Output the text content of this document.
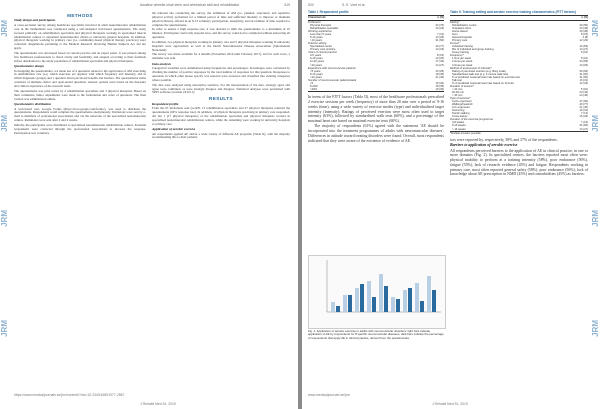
JRM
JRM
JRM
JRM
Amateur wheelie-chair steer and wheelchair skill and rehabilitation	519
METHODS
Study design and participants
A cross-sectional survey among healthcare specialists involved in adult neuromuscular rehabilitation care in the Netherlands was conducted using a self-designed web-based questionnaire. The study focused primarily on rehabilitation specialists and physical therapists working in specialised muscle rehabilitation centres or outpatient neuromuscular clinics or university general hospitals. In addition, physical therapists working in primary care (i.e. community-based physical therapy practices) were contacted. Regulations pertaining to the Medical Research Involving Human Subjects Act did not apply.
The questionnaire was developed based on current practice and an expert panel. It was piloted among five healthcare professionals to check clarity and feasibility, and adapted according to their feedback before distribution to the study population of rehabilitation specialists and physical therapists.
Questionnaire design
In designing the questionnaire, we made use of 4 questions related to the application of AM exercising in rehabilitation care (e.g. which exercises are applied, with which frequency and intensity, and in which diagnostic groups) and 1 question about perceived benefits and barriers. The questionnaire items consisted of multiple choice and open-ended questions. Answer options were based on the literature and clinical experience of the research team.
The questionnaire was pilot tested by 2 rehabilitation specialists and 3 physical therapists. Based on their comments, minor adjustments were made to the formulation and order of questions. The final version was administered online.
Questionnaire distribution
A web-based tool, Google Forms (https://docs.google.com/forms/), was used to distribute the questionnaire. Respondents could complete the questionnaire anonymously. Invitations were sent by e-mail to members of professional associations and via the networks of the specialised neuromuscular centres. Reminders were sent after 2 and 4 weeks.
Initially, the participants were distributed to specialised neuromuscular rehabilitation centres. Potential respondents were contacted through the professional associations to increase the response. Participation was voluntary.
the national site conducting the survey, the definition of AM (i.e. planned, structured, and repetitive physical activity performed for a limited period of time and sufficient intensity to improve or maintain physical fitness), offered in an 8-13 voluntary participation, anonymity, and an estimate of time required to complete the questionnaire.
In order to ensure a high response rate, it was decided to limit the questionnaire to a maximum of 10 minutes. Participants could only respond once, and the survey could not be completed without answering all questions.
In addition, two physical therapists working in primary care and 5 physical therapists working in university hospitals were approached, as well as the Dutch Neuromuscular Disease Association (Spierziekten Nederland).
The survey was made available for 4 months (November 2016 until February 2017), and for each wave, a reminder was sent.
Data analysis
Categorical variables were summarised using frequencies and percentages. Percentages were calculated by dividing the number of positive responses by the total number of responses for that question. Responses to questions in which other please specify was selected were reviewed and classified into existing categories where possible.
The data were analysed using descriptive statistics. For the interpretation of the data, strongly agree and agree were combined, as were strongly disagree and disagree. Statistical analyses were performed with SPSS software (version 24.0.0.1).
RESULTS
Respondent profile
From the 67 invitations sent (i.e.RN, 13 rehabilitation specialists and 27 physical therapists returned the questionnaire (60% response rate). In addition, 12 physical therapists practising in primary care responded. All but 1 (17 physical therapists) of the rehabilitation specialists and physical therapists worked in specialised neuromuscular rehabilitation centres, while the remaining were working in university hospitals or primary care.
Application of aerobic exercise
All respondents applied AE and/or a wide variety of different AE programs (Table II), with the majority recommending this to their patients.
https://www.medicaljournals.se/jrm/content/?doi=10.2340/16501977-2567
J Rehabil Med 51, 2019
JRM
JRM
JRM
JRM
520	S. E. Voet et al.
Table I. Respondent profile
Characteristic	n (%)
Profession
Physical therapist	34 (76)
Rehabilitation specialist	13 (24)
Working experience
Less than 5 years	7 (13)
5-10 years	14 (26)
>10 years	31 (60)
Practice setting
Specialised centre	40 (77)
Primary care practice	12 (23)
Years of clinical practice
0-5 years	8 (15)
6-10 years	13 (25)
11-20 years	17 (33)
>20 years	14 (27)
Experience with neuromuscular patients
<5 years	13 (25)
5-10 years	18 (35)
>10 years	21 (40)
Number of neuromuscular patients/week
<5	15 (29)
5-20%	18 (35)
>20%	19 (36)
In terms of the FITT factors (Table II), most of the healthcare professionals prescribed 2 exercise sessions per week (frequency) of more than 20 min over a period of 9-16 weeks (time), using a wide variety of exercise modes (type) and individualised target intensity (intensity). Ratings of perceived exertion were most often used to target intensity (63%), followed by standardised walk tests (60%), and a percentage of the maximal heart rate based on maximal exercise tests (60%).
The majority of respondents (61%) agreed with the statement 'AE should be incorporated into the treatment programmes of adults with neuromuscular diseases'. Differences in attitude toward treating disorders were found. Overall, most respondents indicated that they were aware of the existence of evidence of AE.
Fig. 1. Application of aerobic exercise in adults with neuromuscular disorders: light bars indicate application of AE by respondents for 8 specific neuromuscular diseases; dark bars indicate the percentage of respondents that apply AE in clinical practice, derived from the questionnaire.
Table II. Training setting and aerobic exercise training characteristics (FITT factors)
n (%)
Setting*
Rehabilitation centre	29 (56)
Outpatient clinic	24 (46)
Home-based	20 (38)
Gym	8 (15)
General hospital	4 (8)
Primary care	12 (23)
Format*
Individual training	43 (83)
Mix of individual and group training	14 (27)
Group training	5 (10)
Frequency*
1 time per week	5 (10)
2 times per week	34 (65)
3 times per week	13 (25)
Method of assessment of intensity*
Rating of perceived exertion (e.g. Borg scale)	33 (63)
Standardised walk test (e.g. 6 minute walk test)	31 (60)
% of predicted maximal heart rate based on exercise test	31 (60)
Talk test	16 (31)
% of predicted maximal heart rate based on formula	12 (23)
Duration of session*
< 20 min	5 (10)
20-30 min	23 (44)
> 30 min	24 (46)
Type of exercise*
Cycle ergometer	47 (90)
Walking/treadmill	40 (77)
Arm ergometer	21 (40)
Swimming	16 (31)
Nordic walking	7 (13)
Cross-trainer	15 (29)
Duration of the exercise programme
4-8 weeks	7 (13)
9-16 weeks	31 (60)
> 16 weeks	14 (27)
*Multiple answers possible.
tors were reported by, respectively, 58% and 37% of the respondents.
Barriers to application of aerobic exercise
All respondents perceived barriers to the application of AE in clinical practice, in one or more domains (Fig. 2). In specialised centres, the barriers reported most often were: physical inability to perform at a training intensity (58%), poor endurance (56%), fatigue (55%), lack of research evidence (45%) and fatigue. Respondents working in primary care, most often reported general safety (58%), poor endurance (56%), lack of knowledge about AE prescription in NMD (45%) and comorbidities (45%) as barriers.
www.medicaljournals.se/jrm
J Rehabil Med 51, 2019
